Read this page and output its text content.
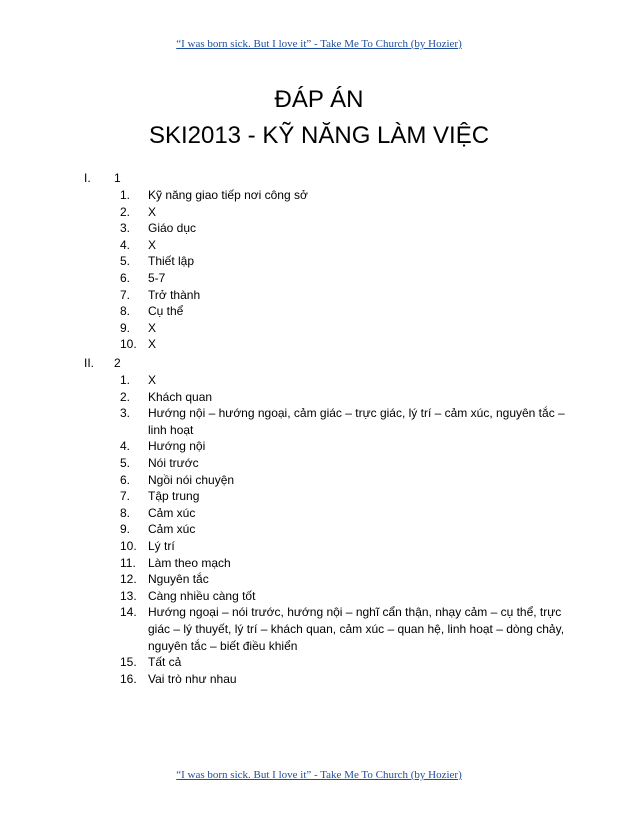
“I was born sick. But I love it” - Take Me To Church (by Hozier)
ĐÁP ÁN
SKI2013 - KỸ NĂNG LÀM VIỆC
I. 1
1. Kỹ năng giao tiếp nơi công sở
2. X
3. Giáo dục
4. X
5. Thiết lập
6. 5-7
7. Trở thành
8. Cụ thể
9. X
10. X
II. 2
1. X
2. Khách quan
3. Hướng nội – hướng ngoại, cảm giác – trực giác, lý trí – cảm xúc, nguyên tắc – linh hoạt
4. Hướng nội
5. Nói trước
6. Ngồi nói chuyện
7. Tập trung
8. Cảm xúc
9. Cảm xúc
10. Lý trí
11. Làm theo mạch
12. Nguyên tắc
13. Càng nhiều càng tốt
14. Hướng ngoại – nói trước, hướng nội – nghĩ cẩn thận, nhạy cảm – cụ thể, trực giác – lý thuyết, lý trí – khách quan, cảm xúc – quan hệ, linh hoạt – dòng chảy, nguyên tắc – biết điều khiển
15. Tất cả
16. Vai trò như nhau
“I was born sick. But I love it” - Take Me To Church (by Hozier)
